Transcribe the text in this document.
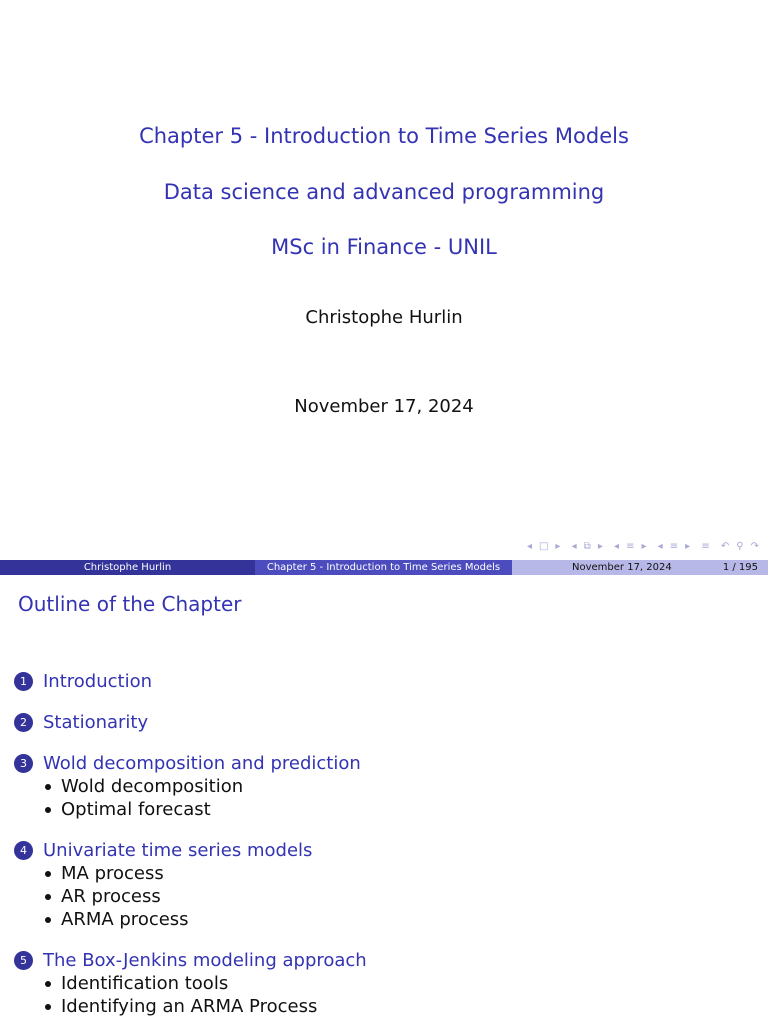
Chapter 5 - Introduction to Time Series Models
Data science and advanced programming
MSc in Finance - UNIL
Christophe Hurlin
November 17, 2024
◂ □ ▸ ◂ ⧉ ▸ ◂ ≡ ▸ ◂ ≡ ▸ ≡ ↶ ⚲ ↷
Christophe Hurlin	Chapter 5 - Introduction to Time Series Models	November 17, 2024	1 / 195
Outline of the Chapter
1 Introduction
2 Stationarity
3 Wold decomposition and prediction
Wold decomposition
Optimal forecast
4 Univariate time series models
MA process
AR process
ARMA process
5 The Box-Jenkins modeling approach
Identification tools
Identifying an ARMA Process
